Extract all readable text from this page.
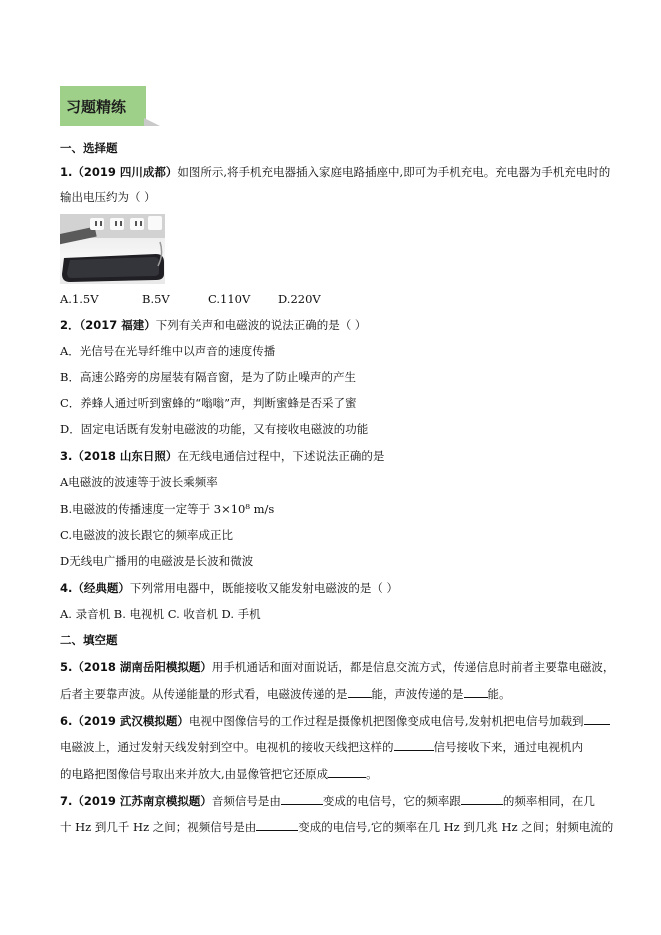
习题精练
一、选择题
1.（2019 四川成都）如图所示,将手机充电器插入家庭电路插座中,即可为手机充电。充电器为手机充电时的
输出电压约为（ ）
A.1.5V	B.5V	C.110V D.220V
2．（2017 福建）下列有关声和电磁波的说法正确的是（ ）
A．光信号在光导纤维中以声音的速度传播
B．高速公路旁的房屋装有隔音窗，是为了防止噪声的产生
C．养蜂人通过听到蜜蜂的“嗡嗡”声，判断蜜蜂是否采了蜜
D．固定电话既有发射电磁波的功能，又有接收电磁波的功能
3.（2018 山东日照）在无线电通信过程中，下述说法正确的是
A电磁波的波速等于波长乘频率
B.电磁波的传播速度一定等于 3×10⁸ m/s
C.电磁波的波长跟它的频率成正比
D无线电广播用的电磁波是长波和微波
4.（经典题）下列常用电器中，既能接收又能发射电磁波的是（ ）
A. 录音机 B. 电视机 C. 收音机 D. 手机
二、填空题
5.（2018 湖南岳阳模拟题）用手机通话和面对面说话，都是信息交流方式，传递信息时前者主要靠电磁波，
后者主要靠声波。从传递能量的形式看，电磁波传递的是 能，声波传递的是 能。
6.（2019 武汉模拟题）电视中图像信号的工作过程是摄像机把图像变成电信号,发射机把电信号加载到
电磁波上，通过发射天线发射到空中。电视机的接收天线把这样的	信号接收下来，通过电视机内
的电路把图像信号取出来并放大,由显像管把它还原成	。
7.（2019 江苏南京模拟题）音频信号是由	变成的电信号，它的频率跟	的频率相同，在几
十 Hz 到几千 Hz 之间；视频信号是由	变成的电信号,它的频率在几 Hz 到几兆 Hz 之间；射频电流的
